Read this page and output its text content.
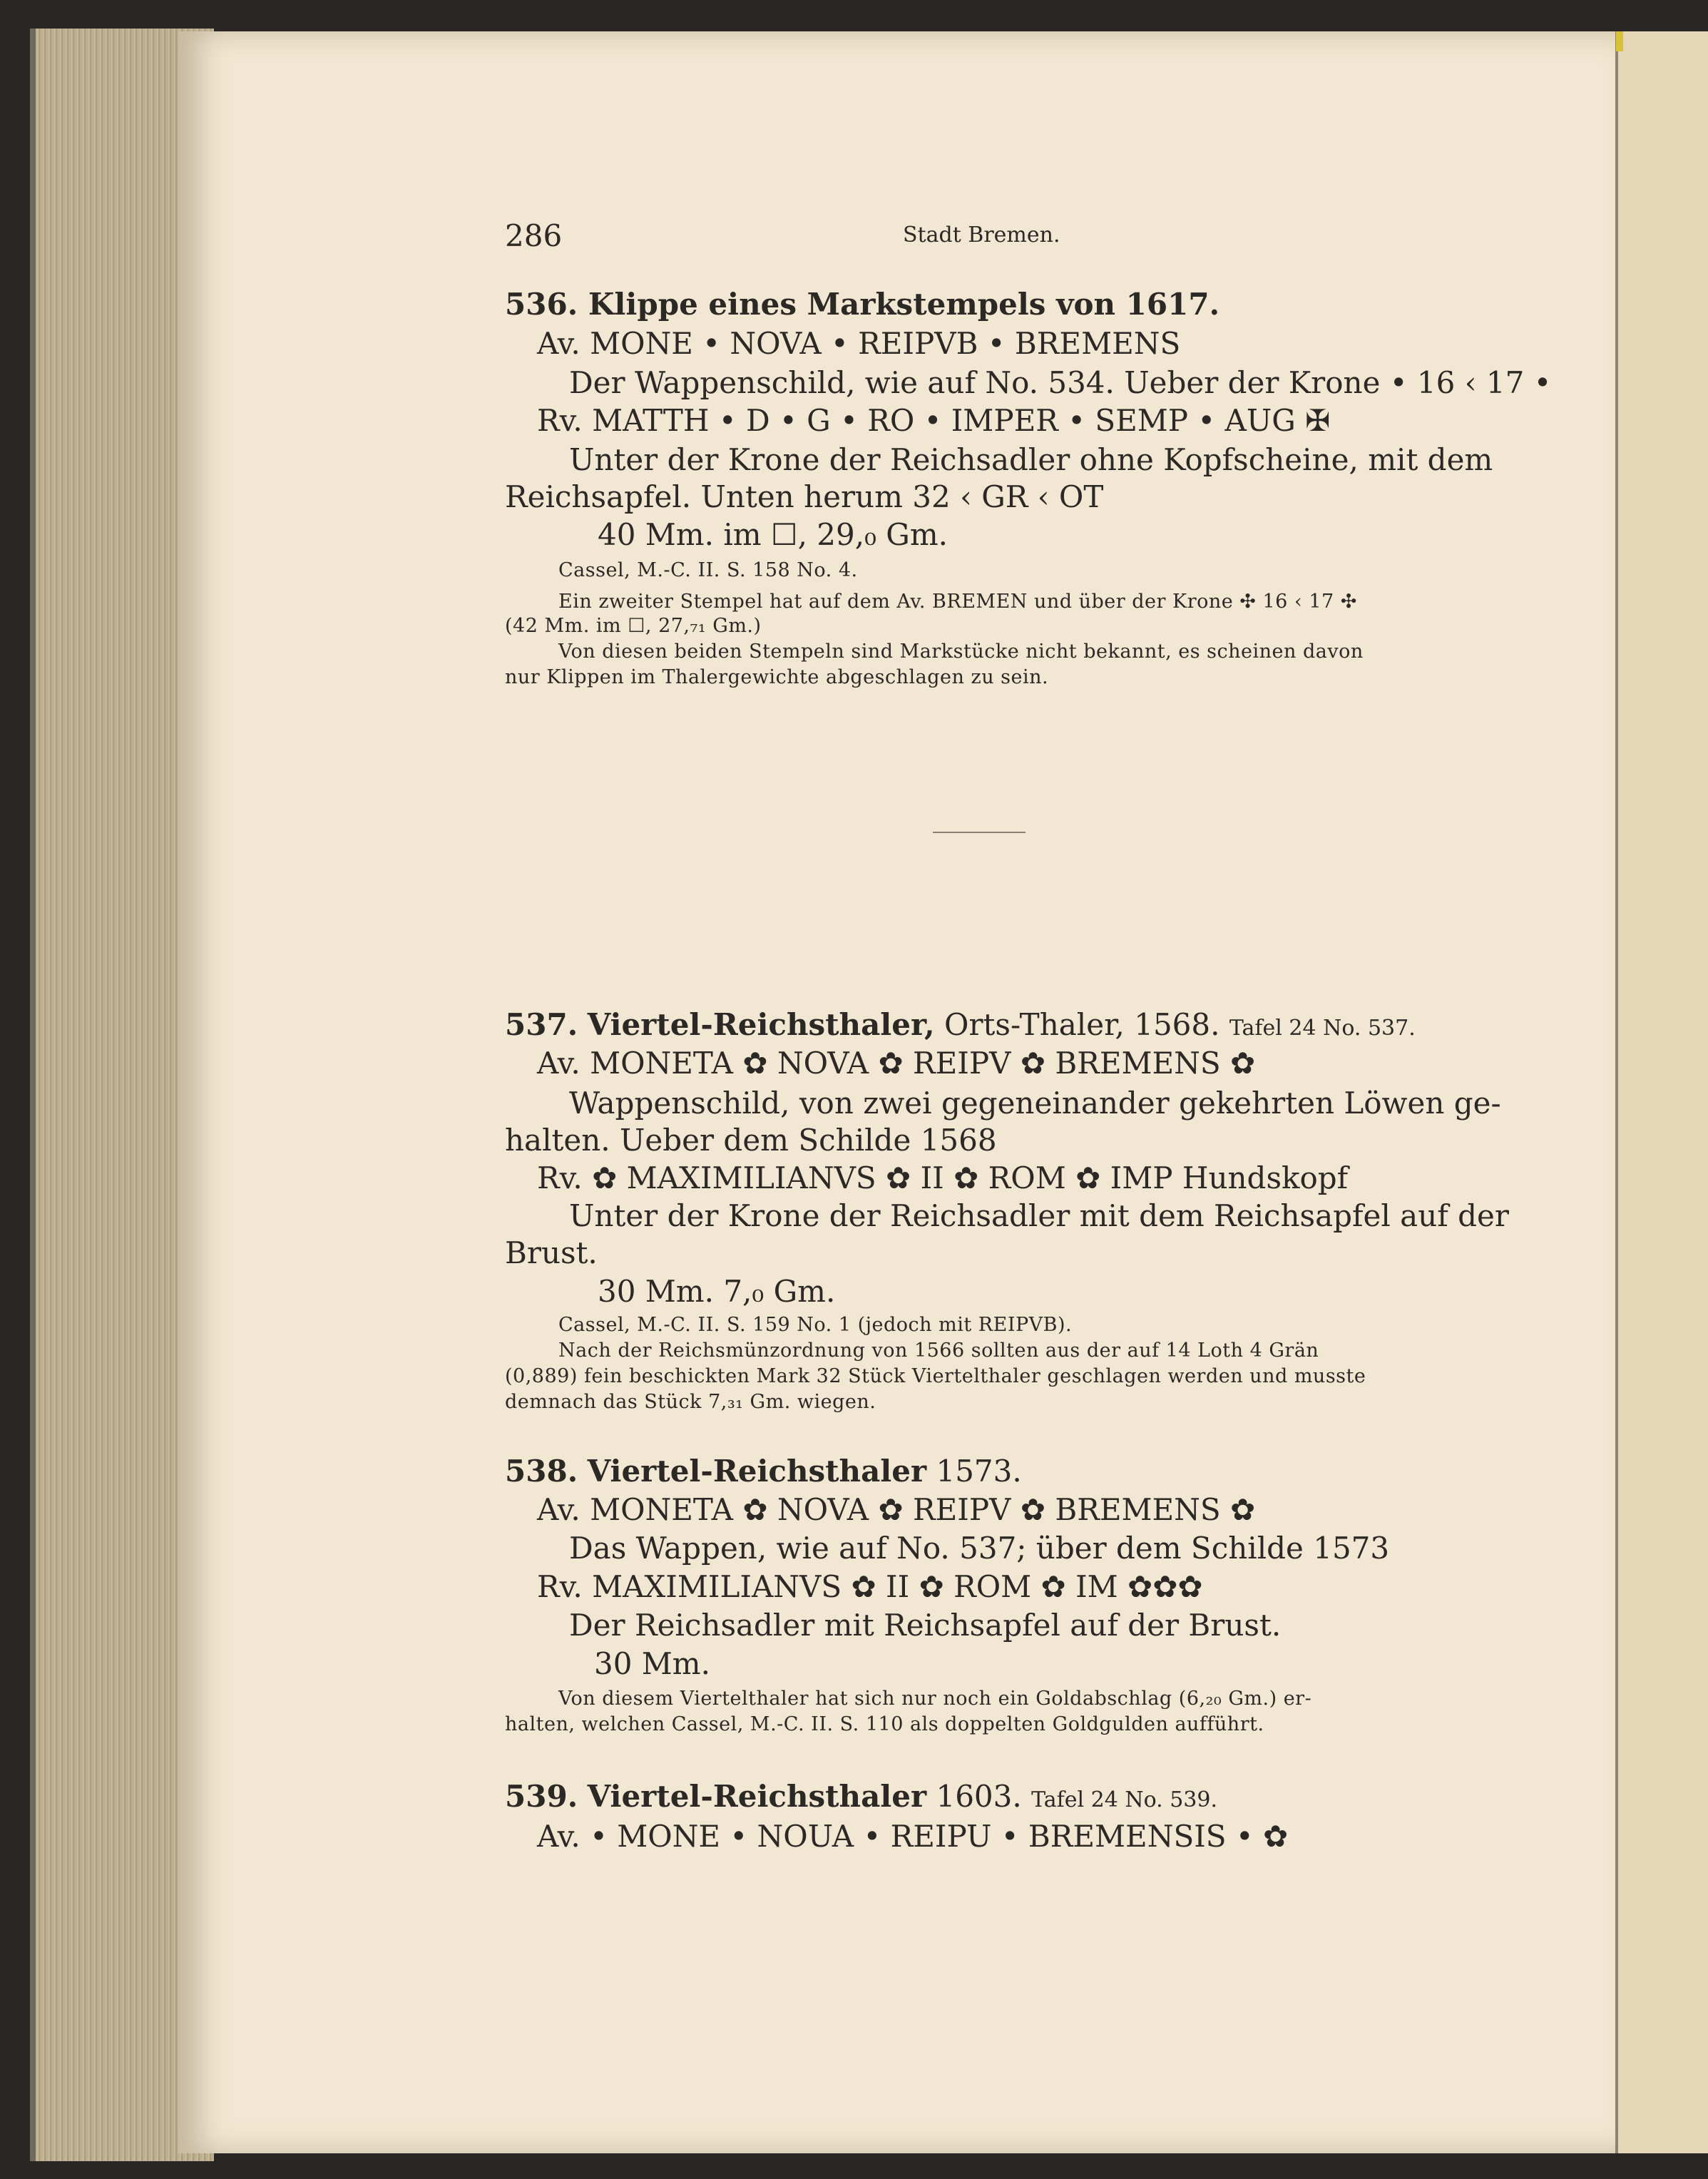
286	Stadt Bremen.
536. Klippe eines Markstempels von 1617.
Av. MONE • NOVA • REIPVB • BREMENS
Der Wappenschild, wie auf No. 534. Ueber der Krone • 16 ‹ 17 •
Rv. MATTH • D • G • RO • IMPER • SEMP • AUG ✠
Unter der Krone der Reichsadler ohne Kopfscheine, mit dem
Reichsapfel. Unten herum 32 ‹ GR ‹ OT
40 Mm. im ☐, 29,₀ Gm.
Cassel, M.-C. II. S. 158 No. 4.
Ein zweiter Stempel hat auf dem Av. BREMEN und über der Krone ✣ 16 ‹ 17 ✣
(42 Mm. im ☐, 27,₇₁ Gm.)
Von diesen beiden Stempeln sind Markstücke nicht bekannt, es scheinen davon
nur Klippen im Thalergewichte abgeschlagen zu sein.
537. Viertel-Reichsthaler, Orts-Thaler, 1568. Tafel 24 No. 537.
Av. MONETA ✿ NOVA ✿ REIPV ✿ BREMENS ✿
Wappenschild, von zwei gegeneinander gekehrten Löwen ge-
halten. Ueber dem Schilde 1568
Rv. ✿ MAXIMILIANVS ✿ II ✿ ROM ✿ IMP Hundskopf
Unter der Krone der Reichsadler mit dem Reichsapfel auf der
Brust.
30 Mm. 7,₀ Gm.
Cassel, M.-C. II. S. 159 No. 1 (jedoch mit REIPVB).
Nach der Reichsmünzordnung von 1566 sollten aus der auf 14 Loth 4 Grän
(0,889) fein beschickten Mark 32 Stück Viertelthaler geschlagen werden und musste
demnach das Stück 7,₃₁ Gm. wiegen.
538. Viertel-Reichsthaler 1573.
Av. MONETA ✿ NOVA ✿ REIPV ✿ BREMENS ✿
Das Wappen, wie auf No. 537; über dem Schilde 1573
Rv. MAXIMILIANVS ✿ II ✿ ROM ✿ IM ✿✿✿
Der Reichsadler mit Reichsapfel auf der Brust.
30 Mm.
Von diesem Viertelthaler hat sich nur noch ein Goldabschlag (6,₂₀ Gm.) er-
halten, welchen Cassel, M.-C. II. S. 110 als doppelten Goldgulden aufführt.
539. Viertel-Reichsthaler 1603. Tafel 24 No. 539.
Av. • MONE • NOUA • REIPU • BREMENSIS • ✿
